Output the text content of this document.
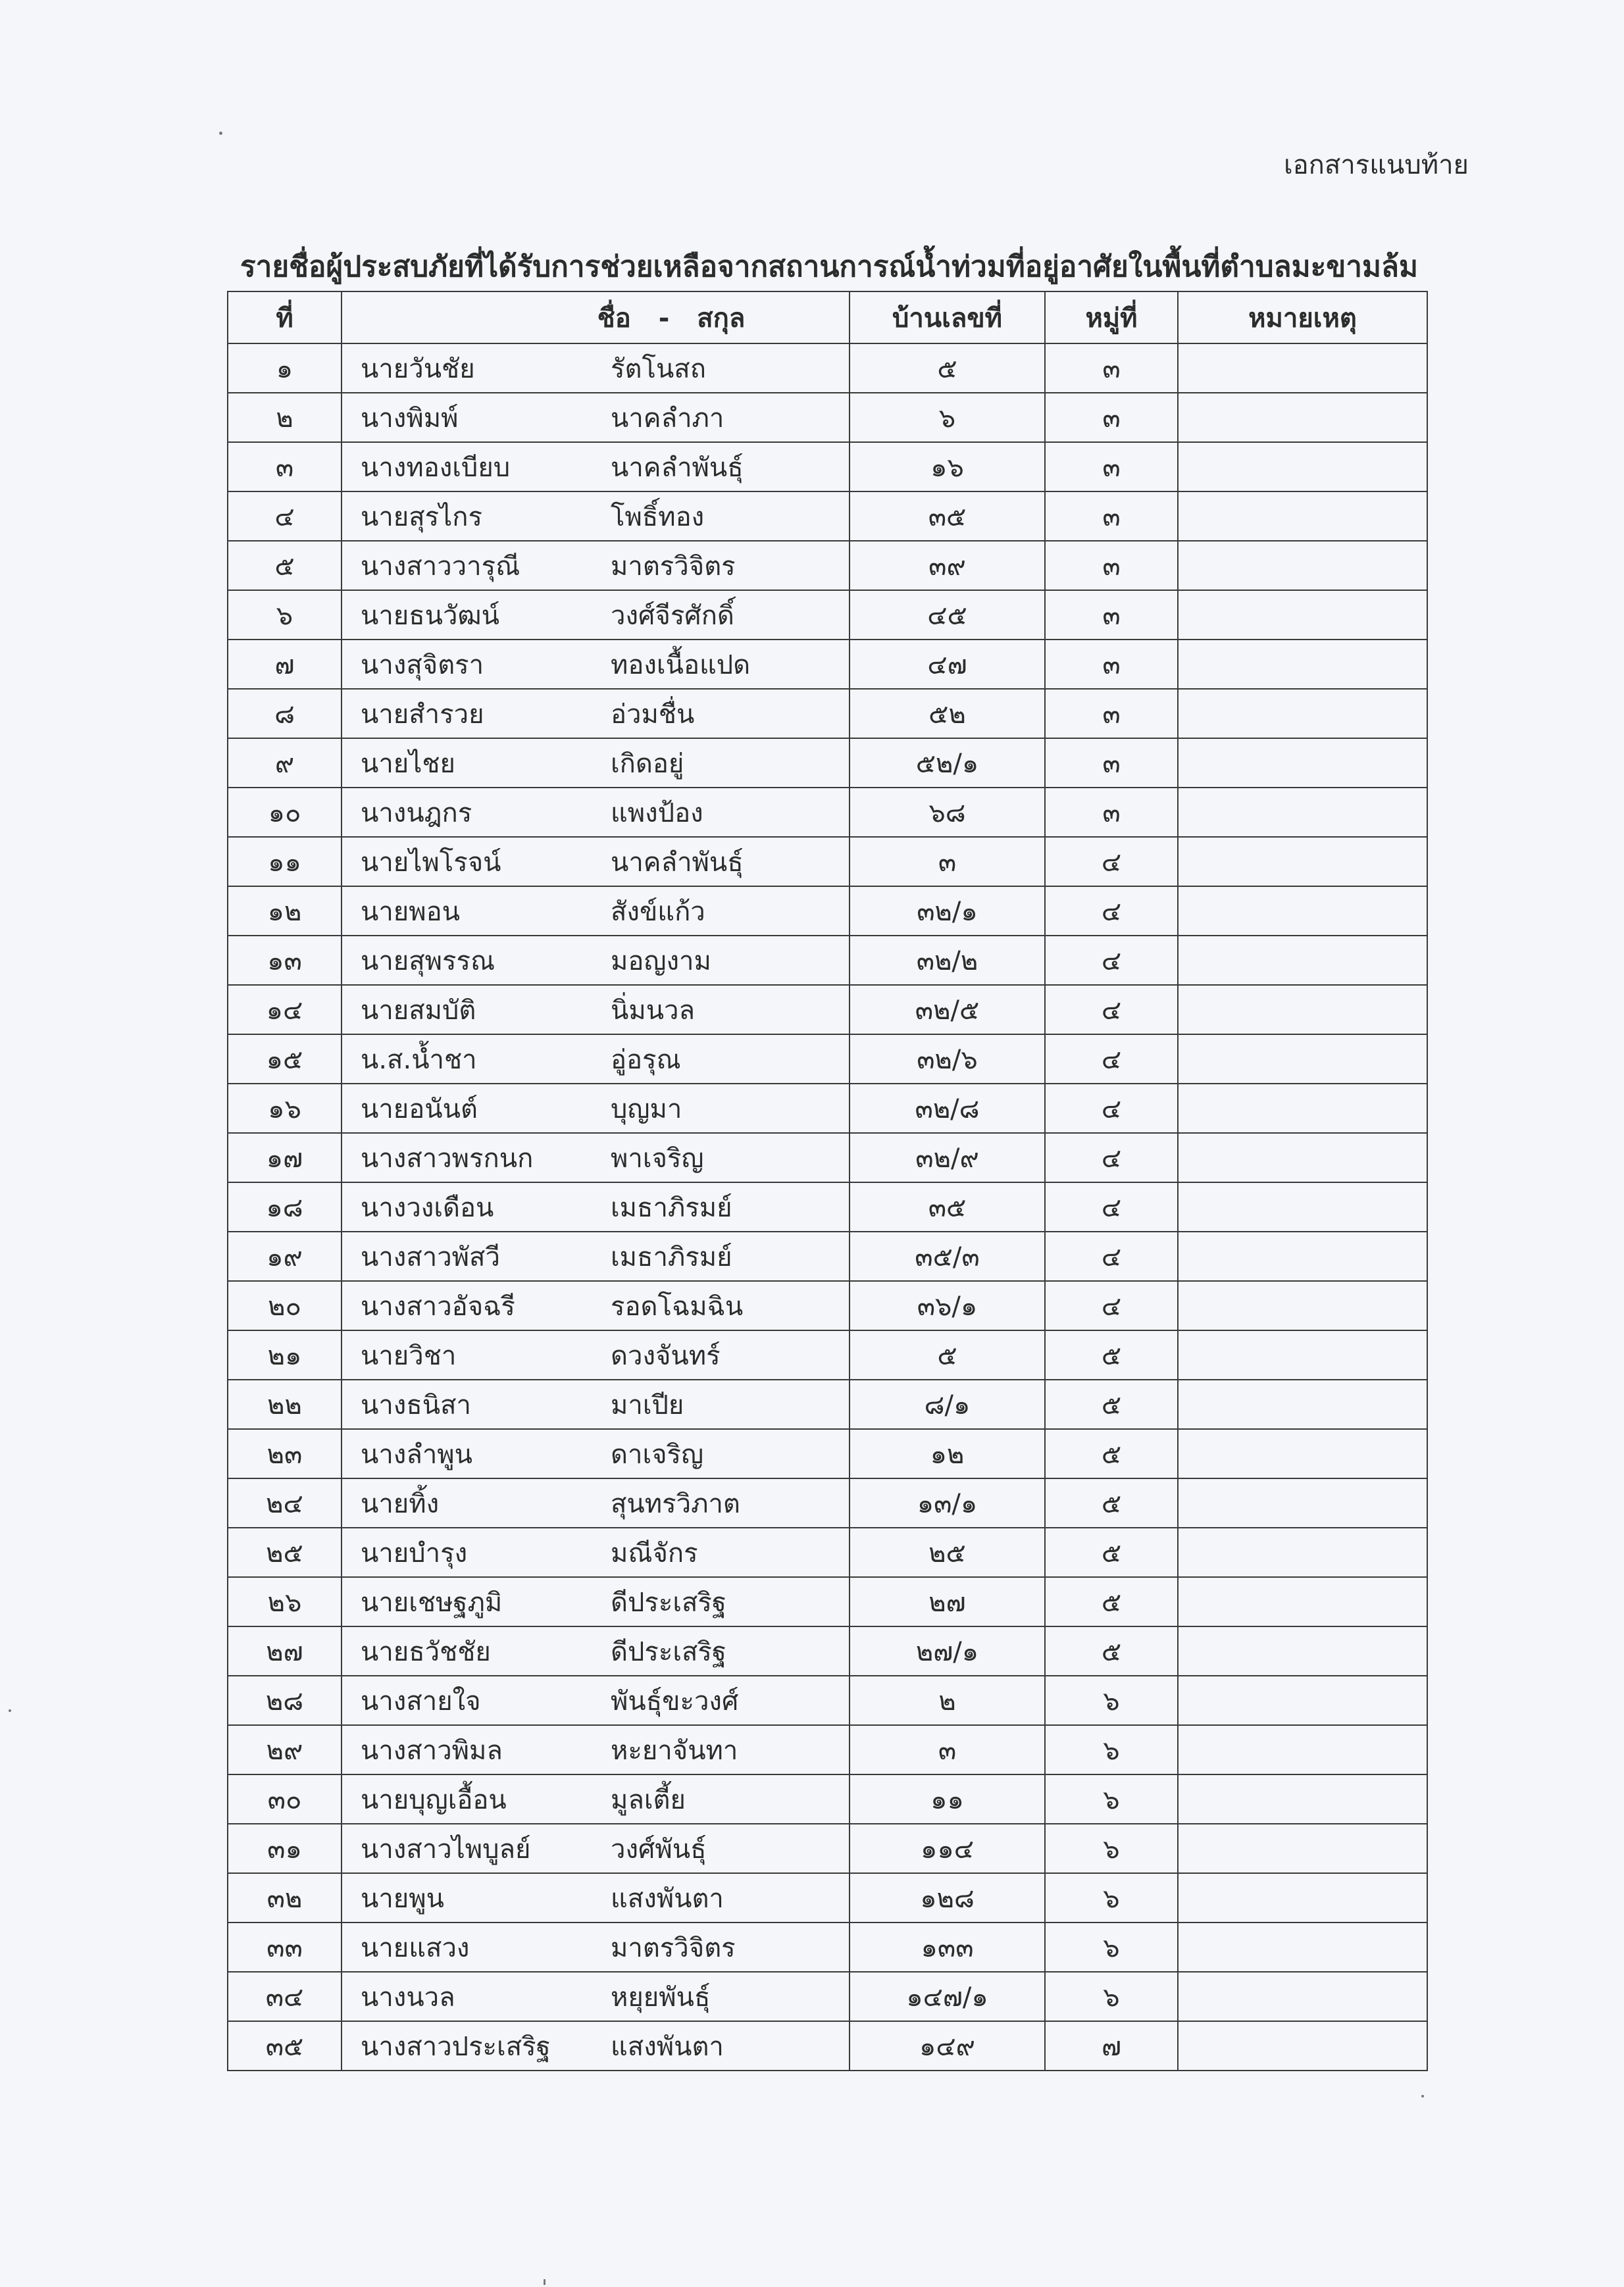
เอกสารแนบท้าย
รายชื่อผู้ประสบภัยที่ได้รับการช่วยเหลือจากสถานการณ์น้ำท่วมที่อยู่อาศัยในพื้นที่ตำบลมะขามล้ม
ที่	ชื่อ - สกุล	บ้านเลขที่	หมู่ที่	หมายเหตุ
๑	นายวันชัย รัตโนสถ	๕	๓	
๒	นางพิมพ์ นาคลำภา	๖	๓	
๓	นางทองเบียบ นาคลำพันธุ์	๑๖	๓	
๔	นายสุรไกร โพธิ์ทอง	๓๕	๓	
๕	นางสาววารุณี มาตรวิจิตร	๓๙	๓	
๖	นายธนวัฒน์ วงศ์จีรศักดิ์	๔๕	๓	
๗	นางสุจิตรา ทองเนื้อแปด	๔๗	๓	
๘	นายสำรวย อ่วมชื่น	๕๒	๓	
๙	นายไชย เกิดอยู่	๕๒/๑	๓	
๑๐	นางนฎกร แพงป้อง	๖๘	๓	
๑๑	นายไพโรจน์ นาคลำพันธุ์	๓	๔	
๑๒	นายพอน สังข์แก้ว	๓๒/๑	๔	
๑๓	นายสุพรรณ มอญงาม	๓๒/๒	๔	
๑๔	นายสมบัติ นิ่มนวล	๓๒/๕	๔	
๑๕	น.ส.น้ำชา อู่อรุณ	๓๒/๖	๔	
๑๖	นายอนันต์ บุญมา	๓๒/๘	๔	
๑๗	นางสาวพรกนก พาเจริญ	๓๒/๙	๔	
๑๘	นางวงเดือน เมธาภิรมย์	๓๕	๔	
๑๙	นางสาวพัสวี เมธาภิรมย์	๓๕/๓	๔	
๒๐	นางสาวอัจฉรี รอดโฉมฉิน	๓๖/๑	๔	
๒๑	นายวิชา ดวงจันทร์	๕	๕	
๒๒	นางธนิสา มาเปีย	๘/๑	๕	
๒๓	นางลำพูน ดาเจริญ	๑๒	๕	
๒๔	นายทิ้ง สุนทรวิภาต	๑๓/๑	๕	
๒๕	นายบำรุง มณีจักร	๒๕	๕	
๒๖	นายเชษฐภูมิ ดีประเสริฐ	๒๗	๕	
๒๗	นายธวัชชัย ดีประเสริฐ	๒๗/๑	๕	
๒๘	นางสายใจ พันธุ์ขะวงศ์	๒	๖	
๒๙	นางสาวพิมล หะยาจันทา	๓	๖	
๓๐	นายบุญเอื้อน มูลเตี้ย	๑๑	๖	
๓๑	นางสาวไพบูลย์ วงศ์พันธุ์	๑๑๔	๖	
๓๒	นายพูน แสงพันตา	๑๒๘	๖	
๓๓	นายแสวง มาตรวิจิตร	๑๓๓	๖	
๓๔	นางนวล หยุยพันธุ์	๑๔๗/๑	๖	
๓๕	นางสาวประเสริฐ แสงพันตา	๑๔๙	๗	
